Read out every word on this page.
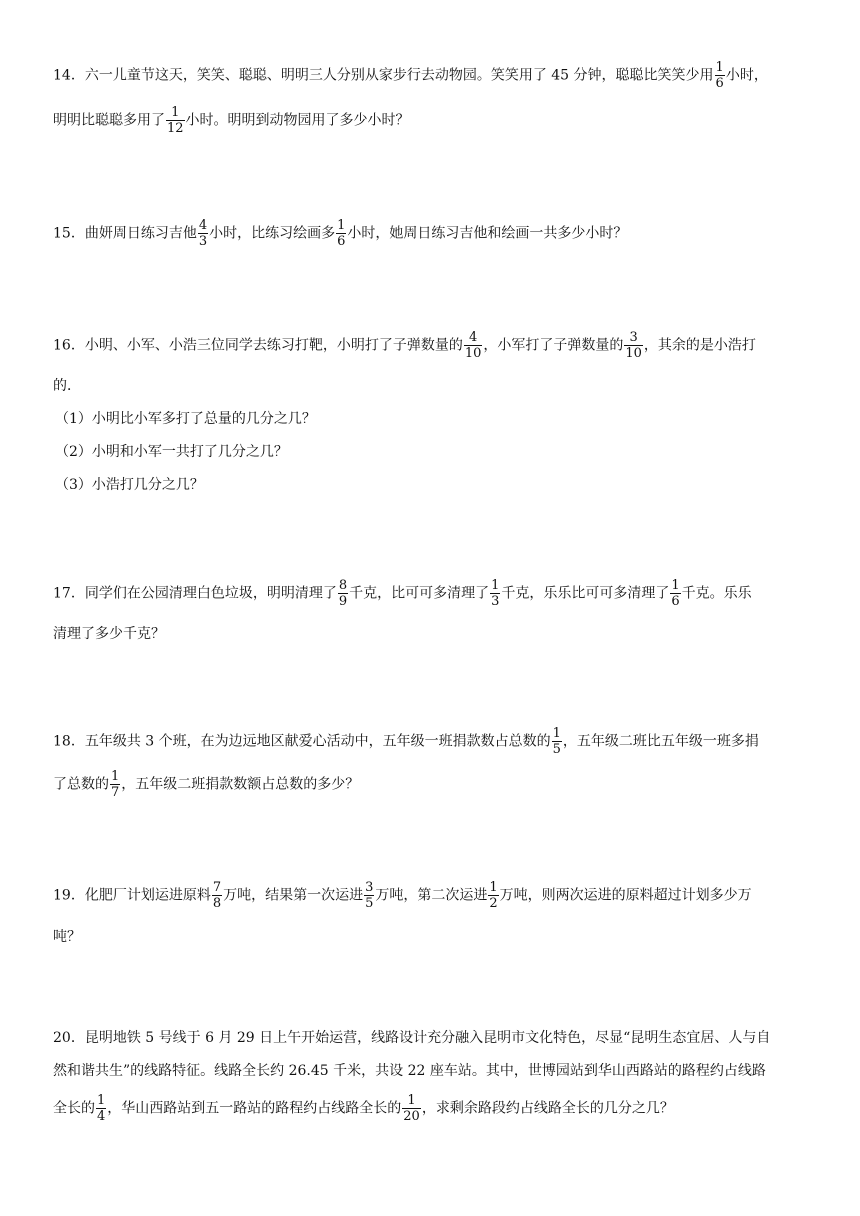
14．六一儿童节这天，笑笑、聪聪、明明三人分别从家步行去动物园。笑笑用了 45 分钟，聪聪比笑笑少用 $\frac{1}{6}$ 小时，
明明比聪聪多用了 $\frac{1}{12}$ 小时。明明到动物园用了多少小时？
15．曲妍周日练习吉他 $\frac{4}{3}$ 小时，比练习绘画多 $\frac{1}{6}$ 小时，她周日练习吉他和绘画一共多少小时？
16．小明、小军、小浩三位同学去练习打靶，小明打了子弹数量的 $\frac{4}{10}$ ，小军打了子弹数量的 $\frac{3}{10}$ ，其余的是小浩打
的．
（1）小明比小军多打了总量的几分之几？
（2）小明和小军一共打了几分之几？
（3）小浩打几分之几？
17．同学们在公园清理白色垃圾，明明清理了 $\frac{8}{9}$ 千克，比可可多清理了 $\frac{1}{3}$ 千克，乐乐比可可多清理了 $\frac{1}{6}$ 千克。乐乐
清理了多少千克？
18．五年级共 3 个班，在为边远地区献爱心活动中，五年级一班捐款数占总数的 $\frac{1}{5}$ ，五年级二班比五年级一班多捐
了总数的 $\frac{1}{7}$ ，五年级二班捐款数额占总数的多少？
19．化肥厂计划运进原料 $\frac{7}{8}$ 万吨，结果第一次运进 $\frac{3}{5}$ 万吨，第二次运进 $\frac{1}{2}$ 万吨，则两次运进的原料超过计划多少万
吨？
20．昆明地铁 5 号线于 6 月 29 日上午开始运营，线路设计充分融入昆明市文化特色，尽显“昆明生态宜居、人与自
然和谐共生”的线路特征。线路全长约 26.45 千米，共设 22 座车站。其中，世博园站到华山西路站的路程约占线路
全长的 $\frac{1}{4}$ ，华山西路站到五一路站的路程约占线路全长的 $\frac{1}{20}$ ，求剩余路段约占线路全长的几分之几？
